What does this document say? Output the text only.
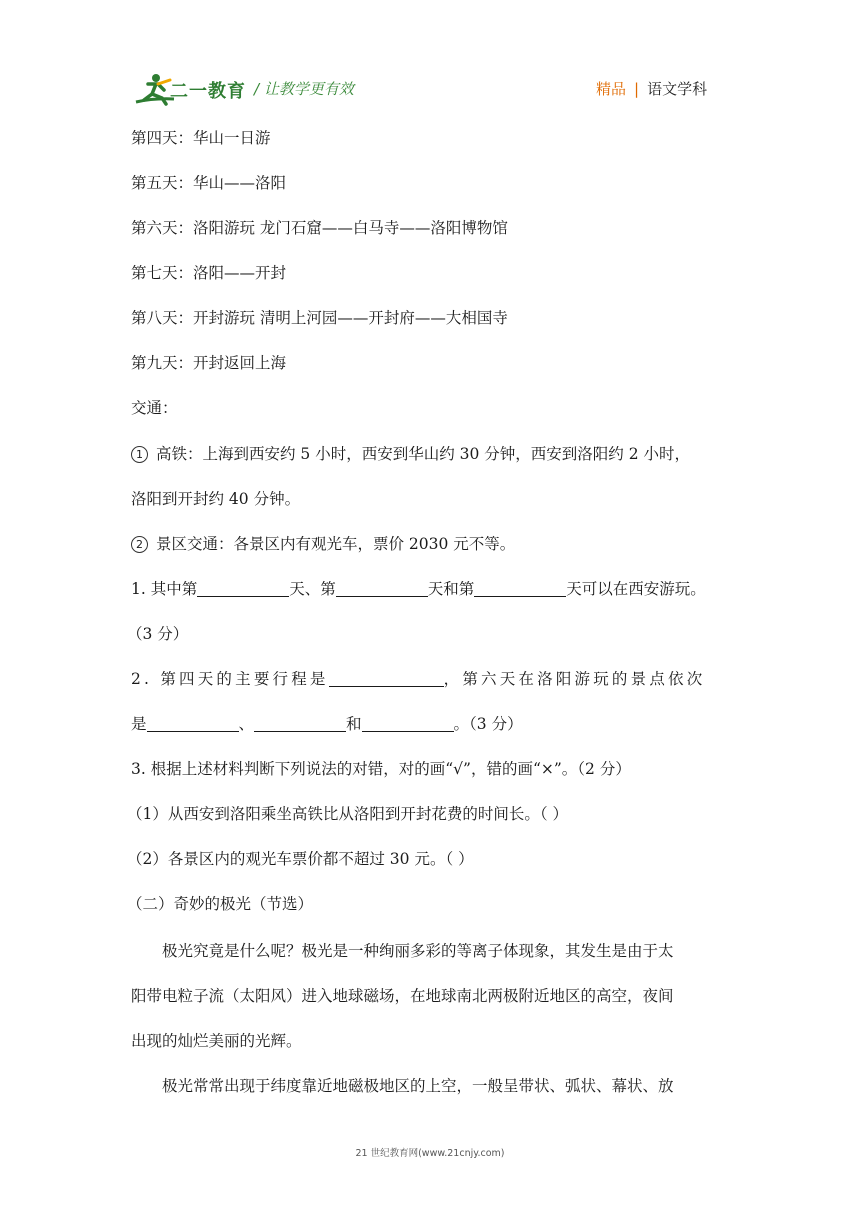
二一教育 / 让教学更有效	精品 | 语文学科
第四天：华山一日游
第五天：华山——洛阳
第六天：洛阳游玩 龙门石窟——白马寺——洛阳博物馆
第七天：洛阳——开封
第八天：开封游玩 清明上河园——开封府——大相国寺
第九天：开封返回上海
交通：
1 高铁：上海到西安约 5 小时，西安到华山约 30 分钟，西安到洛阳约 2 小时，
洛阳到开封约 40 分钟。
2 景区交通：各景区内有观光车，票价 2030 元不等。
1. 其中第	天、第	天和第	天可以在西安游玩。
（3 分）
2. 第四天的主要行程是	，第六天在洛阳游玩的景点依次
是	、	和	。（3 分）
3. 根据上述材料判断下列说法的对错，对的画“√”，错的画“×”。（2 分）
（1）从西安到洛阳乘坐高铁比从洛阳到开封花费的时间长。（ ）
（2）各景区内的观光车票价都不超过 30 元。（ ）
（二）奇妙的极光（节选）
极光究竟是什么呢？极光是一种绚丽多彩的等离子体现象，其发生是由于太
阳带电粒子流（太阳风）进入地球磁场，在地球南北两极附近地区的高空，夜间
出现的灿烂美丽的光辉。
极光常常出现于纬度靠近地磁极地区的上空，一般呈带状、弧状、幕状、放
21 世纪教育网(www.21cnjy.com)
